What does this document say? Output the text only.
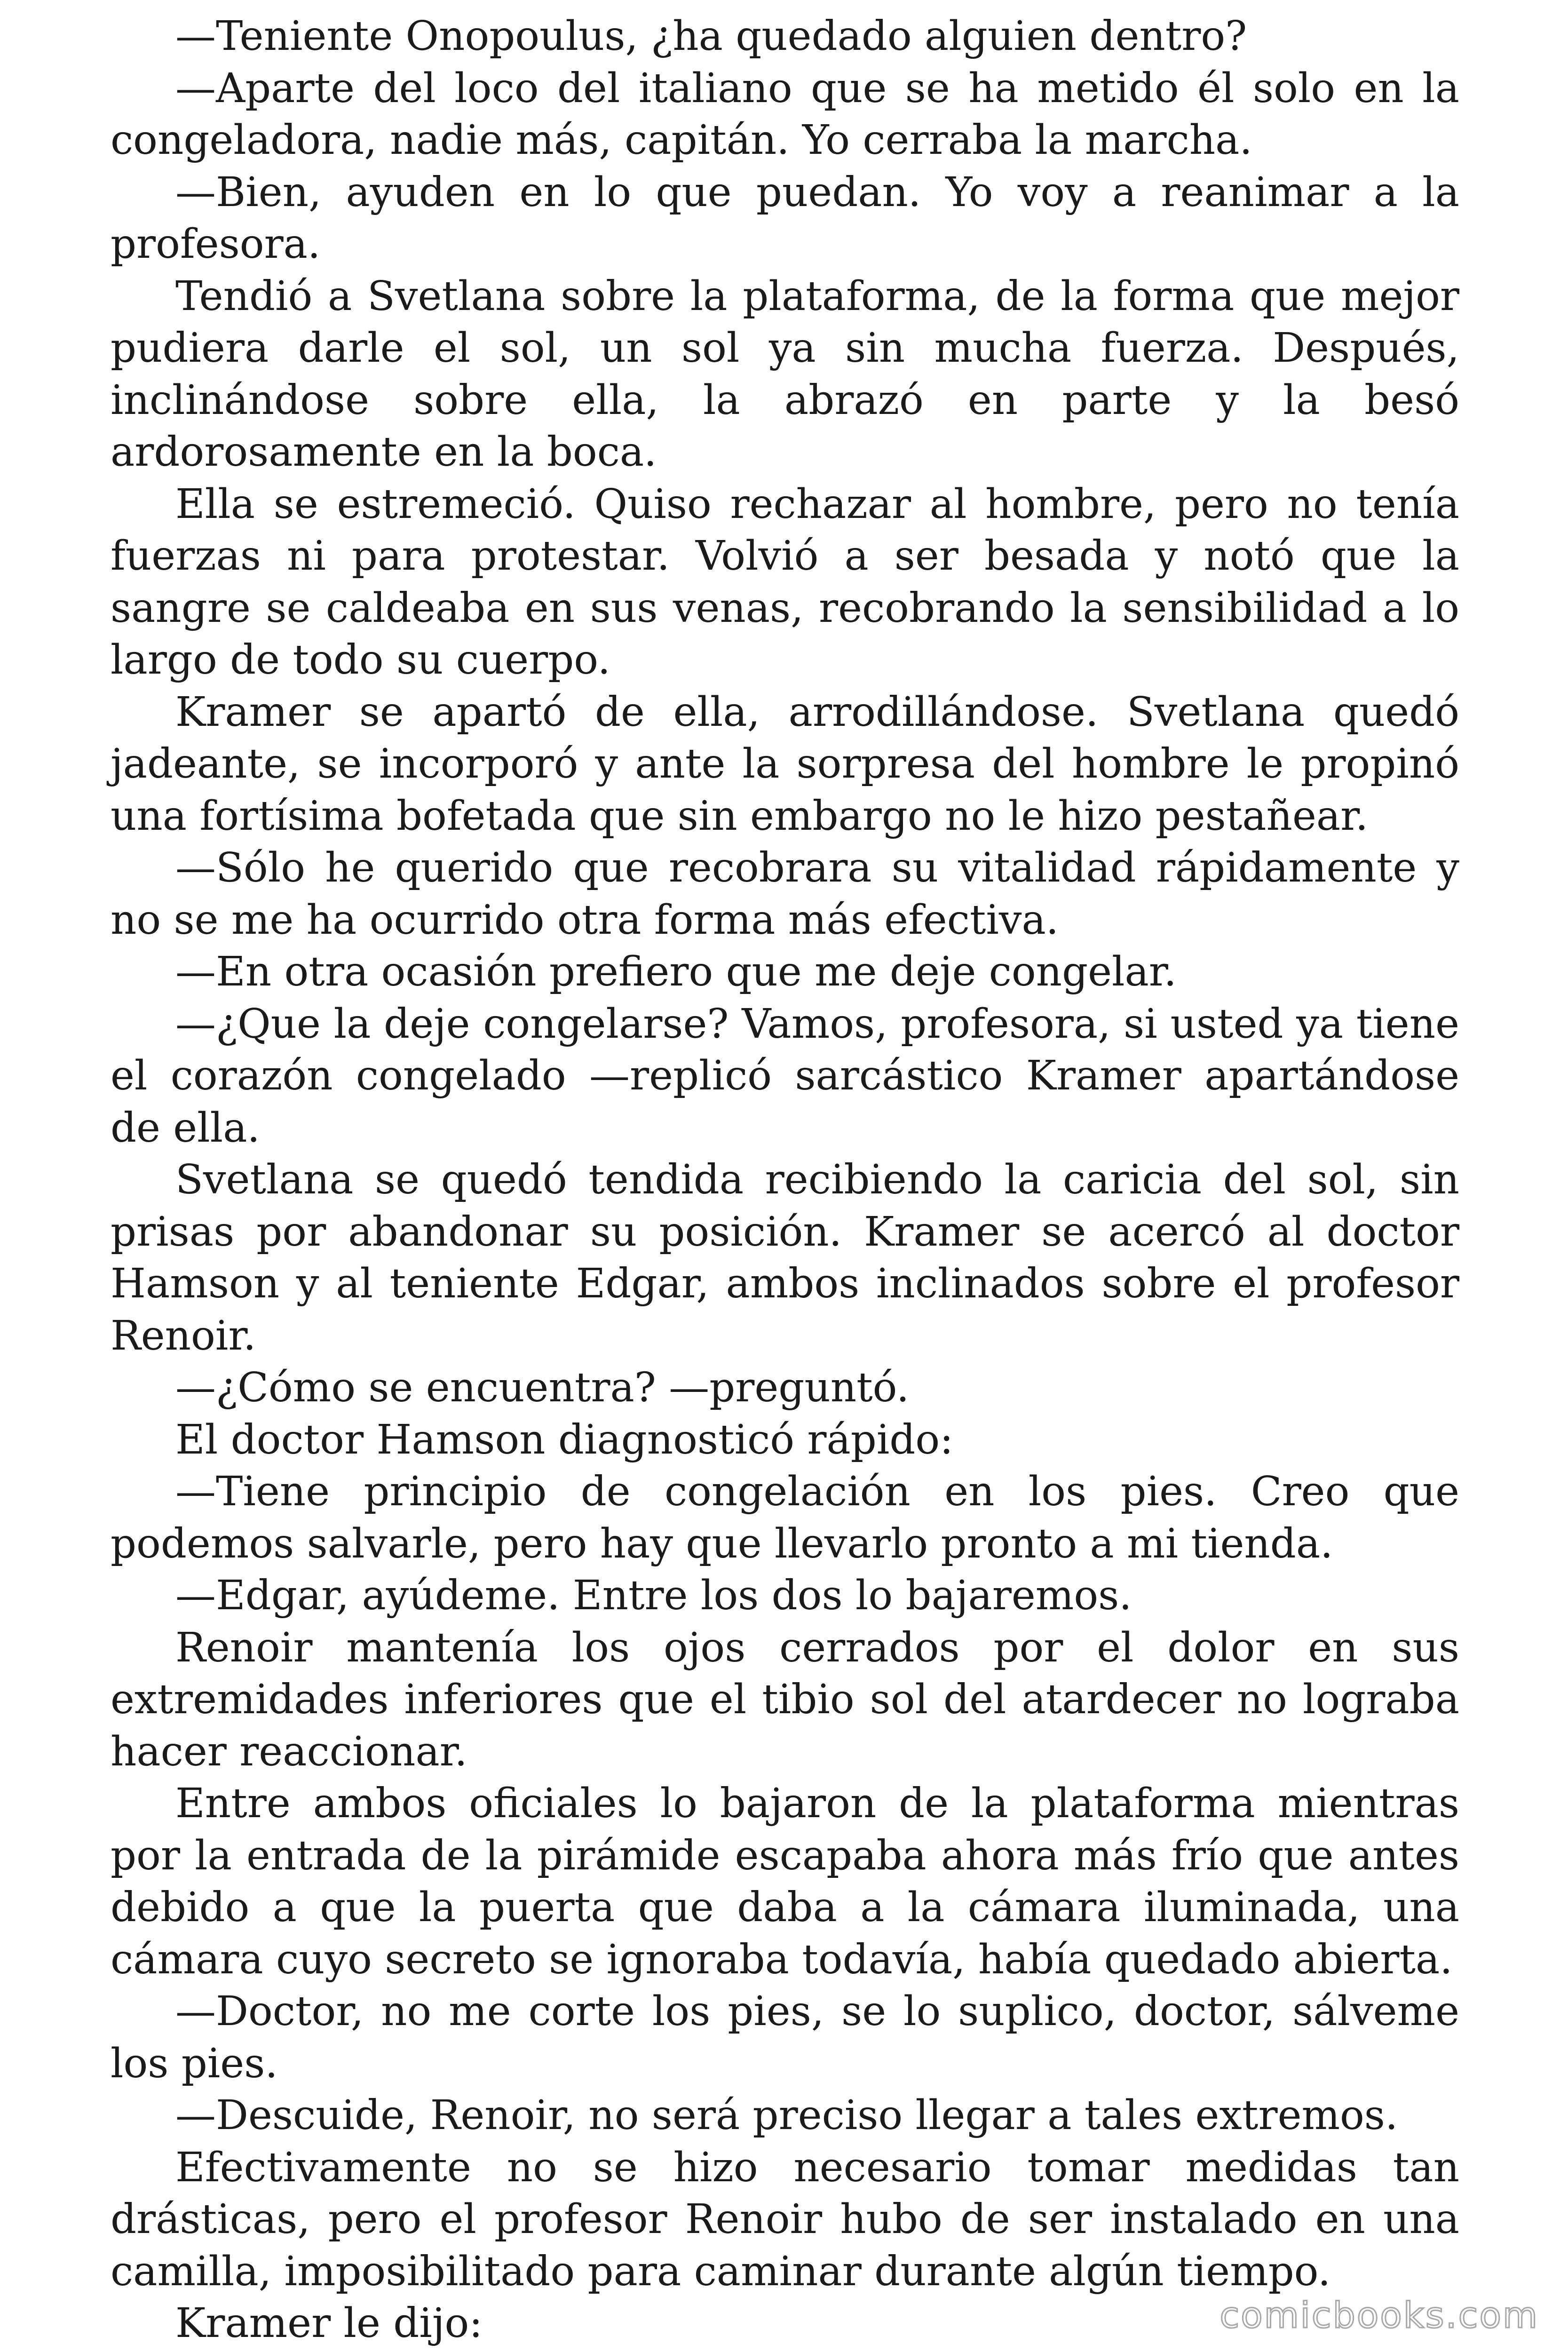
—Teniente Onopoulus, ¿ha quedado alguien dentro?

—Aparte del loco del italiano que se ha metido él solo en la congeladora, nadie más, capitán. Yo cerraba la marcha.

—Bien, ayuden en lo que puedan. Yo voy a reanimar a la profesora.

Tendió a Svetlana sobre la plataforma, de la forma que mejor pudiera darle el sol, un sol ya sin mucha fuerza. Después, inclinándose sobre ella, la abrazó en parte y la besó ardorosamente en la boca.

Ella se estremeció. Quiso rechazar al hombre, pero no tenía fuerzas ni para protestar. Volvió a ser besada y notó que la sangre se caldeaba en sus venas, recobrando la sensibilidad a lo largo de todo su cuerpo.

Kramer se apartó de ella, arrodillándose. Svetlana quedó jadeante, se incorporó y ante la sorpresa del hombre le propinó una fortísima bofetada que sin embargo no le hizo pestañear.

—Sólo he querido que recobrara su vitalidad rápidamente y no se me ha ocurrido otra forma más efectiva.

—En otra ocasión prefiero que me deje congelar.

—¿Que la deje congelarse? Vamos, profesora, si usted ya tiene el corazón congelado —replicó sarcástico Kramer apartándose de ella.

Svetlana se quedó tendida recibiendo la caricia del sol, sin prisas por abandonar su posición. Kramer se acercó al doctor Hamson y al teniente Edgar, ambos inclinados sobre el profesor Renoir.

—¿Cómo se encuentra? —preguntó.

El doctor Hamson diagnosticó rápido:

—Tiene principio de congelación en los pies. Creo que podemos salvarle, pero hay que llevarlo pronto a mi tienda.

—Edgar, ayúdeme. Entre los dos lo bajaremos.

Renoir mantenía los ojos cerrados por el dolor en sus extremidades inferiores que el tibio sol del atardecer no lograba hacer reaccionar.

Entre ambos oficiales lo bajaron de la plataforma mientras por la entrada de la pirámide escapaba ahora más frío que antes debido a que la puerta que daba a la cámara iluminada, una cámara cuyo secreto se ignoraba todavía, había quedado abierta.

—Doctor, no me corte los pies, se lo suplico, doctor, sálveme los pies.

—Descuide, Renoir, no será preciso llegar a tales extremos.

Efectivamente no se hizo necesario tomar medidas tan drásticas, pero el profesor Renoir hubo de ser instalado en una camilla, imposibilitado para caminar durante algún tiempo.

Kramer le dijo:	comicbooks.com
